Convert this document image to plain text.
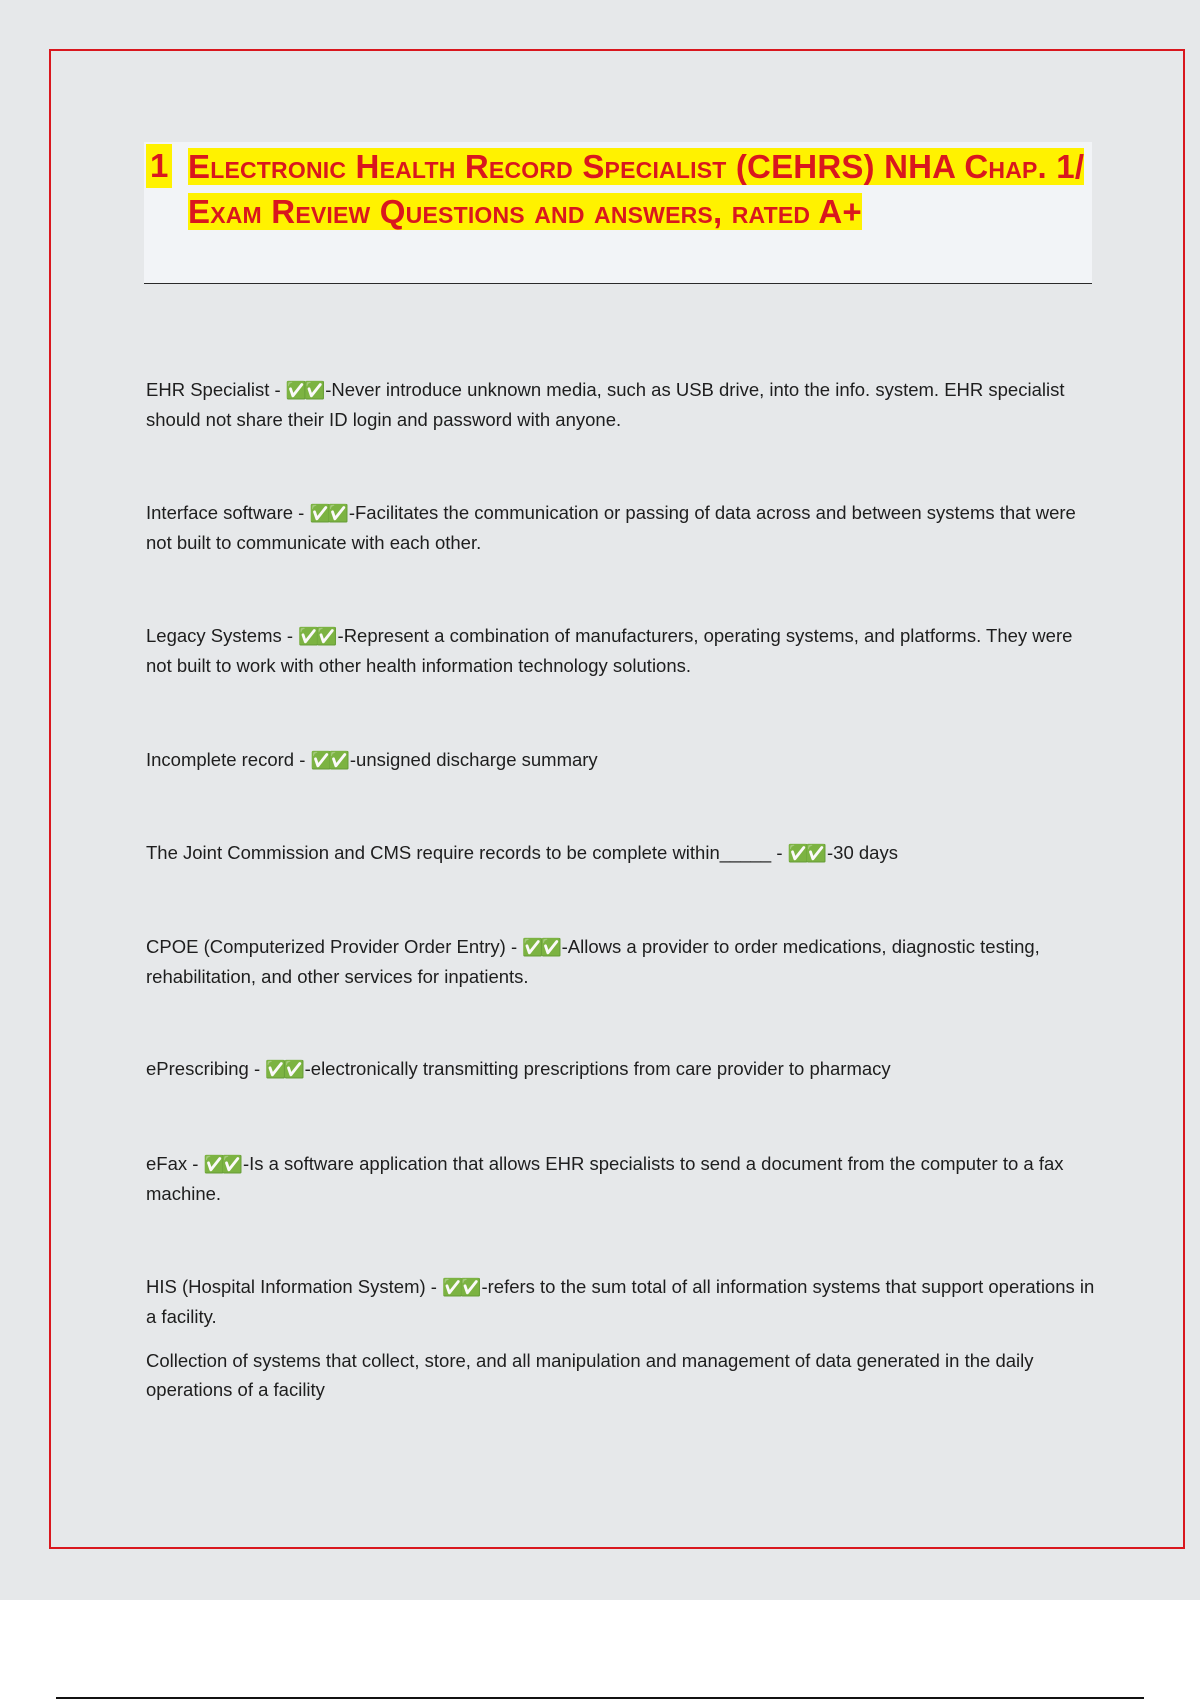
1 Electronic Health Record Specialist (CEHRS) NHA Chap. 1/ Exam Review Questions and answers, rated A+
EHR Specialist - ✅✅ -Never introduce unknown media, such as USB drive, into the info. system. EHR specialist should not share their ID login and password with anyone.
Interface software - ✅✅ -Facilitates the communication or passing of data across and between systems that were not built to communicate with each other.
Legacy Systems - ✅✅ -Represent a combination of manufacturers, operating systems, and platforms. They were not built to work with other health information technology solutions.
Incomplete record - ✅✅ -unsigned discharge summary
The Joint Commission and CMS require records to be complete within_____ - ✅✅ -30 days
CPOE (Computerized Provider Order Entry) - ✅✅ -Allows a provider to order medications, diagnostic testing, rehabilitation, and other services for inpatients.
ePrescribing - ✅✅ -electronically transmitting prescriptions from care provider to pharmacy
eFax - ✅✅ -Is a software application that allows EHR specialists to send a document from the computer to a fax machine.
HIS (Hospital Information System) - ✅✅ -refers to the sum total of all information systems that support operations in a facility.
Collection of systems that collect, store, and all manipulation and management of data generated in the daily operations of a facility
